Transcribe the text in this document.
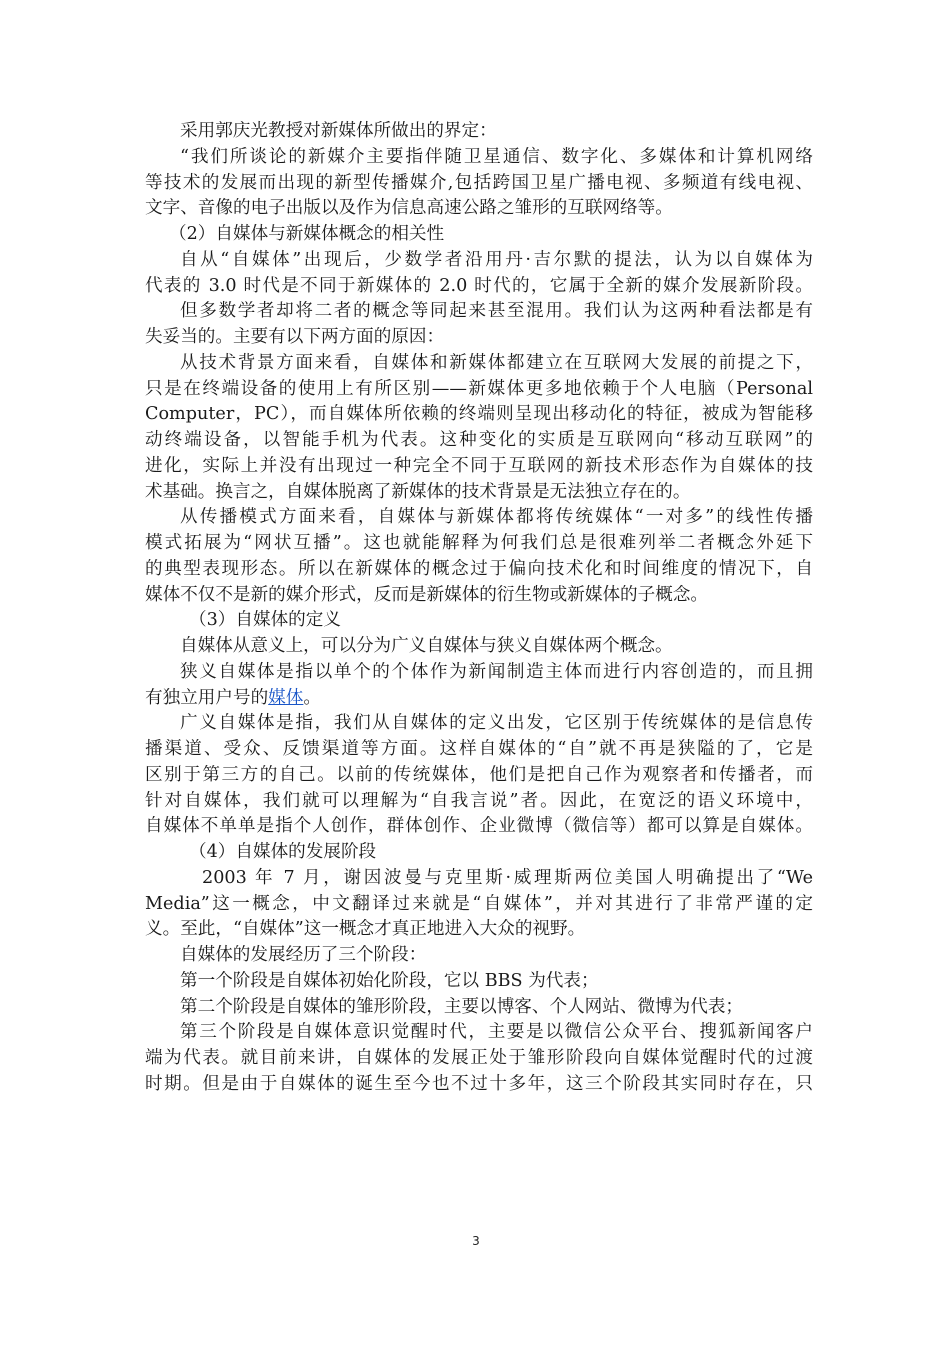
采用郭庆光教授对新媒体所做出的界定：
“我们所谈论的新媒介主要指伴随卫星通信、数字化、多媒体和计算机网络
等技术的发展而出现的新型传播媒介,包括跨国卫星广播电视、多频道有线电视、
文字、音像的电子出版以及作为信息高速公路之雏形的互联网络等。
（2）自媒体与新媒体概念的相关性
自从“自媒体”出现后，少数学者沿用丹·吉尔默的提法，认为以自媒体为
代表的 3.0 时代是不同于新媒体的 2.0 时代的，它属于全新的媒介发展新阶段。
但多数学者却将二者的概念等同起来甚至混用。我们认为这两种看法都是有
失妥当的。主要有以下两方面的原因：
从技术背景方面来看，自媒体和新媒体都建立在互联网大发展的前提之下，
只是在终端设备的使用上有所区别——新媒体更多地依赖于个人电脑（Personal
Computer，PC），而自媒体所依赖的终端则呈现出移动化的特征，被成为智能移
动终端设备，以智能手机为代表。这种变化的实质是互联网向“移动互联网”的
进化，实际上并没有出现过一种完全不同于互联网的新技术形态作为自媒体的技
术基础。换言之，自媒体脱离了新媒体的技术背景是无法独立存在的。
从传播模式方面来看，自媒体与新媒体都将传统媒体“一对多”的线性传播
模式拓展为“网状互播”。这也就能解释为何我们总是很难列举二者概念外延下
的典型表现形态。所以在新媒体的概念过于偏向技术化和时间维度的情况下，自
媒体不仅不是新的媒介形式，反而是新媒体的衍生物或新媒体的子概念。
（3）自媒体的定义
自媒体从意义上，可以分为广义自媒体与狭义自媒体两个概念。
狭义自媒体是指以单个的个体作为新闻制造主体而进行内容创造的，而且拥
有独立用户号的媒体。
广义自媒体是指，我们从自媒体的定义出发，它区别于传统媒体的是信息传
播渠道、受众、反馈渠道等方面。这样自媒体的“自”就不再是狭隘的了，它是
区别于第三方的自己。以前的传统媒体，他们是把自己作为观察者和传播者，而
针对自媒体，我们就可以理解为“自我言说”者。因此，在宽泛的语义环境中，
自媒体不单单是指个人创作，群体创作、企业微博（微信等）都可以算是自媒体。
（4）自媒体的发展阶段
2003 年 7 月，谢因波曼与克里斯·威理斯两位美国人明确提出了“We
Media”这一概念，中文翻译过来就是“自媒体”，并对其进行了非常严谨的定
义。至此，“自媒体”这一概念才真正地进入大众的视野。
自媒体的发展经历了三个阶段：
第一个阶段是自媒体初始化阶段，它以 BBS 为代表；
第二个阶段是自媒体的雏形阶段，主要以博客、个人网站、微博为代表；
第三个阶段是自媒体意识觉醒时代，主要是以微信公众平台、搜狐新闻客户
端为代表。就目前来讲，自媒体的发展正处于雏形阶段向自媒体觉醒时代的过渡
时期。但是由于自媒体的诞生至今也不过十多年，这三个阶段其实同时存在，只
3
